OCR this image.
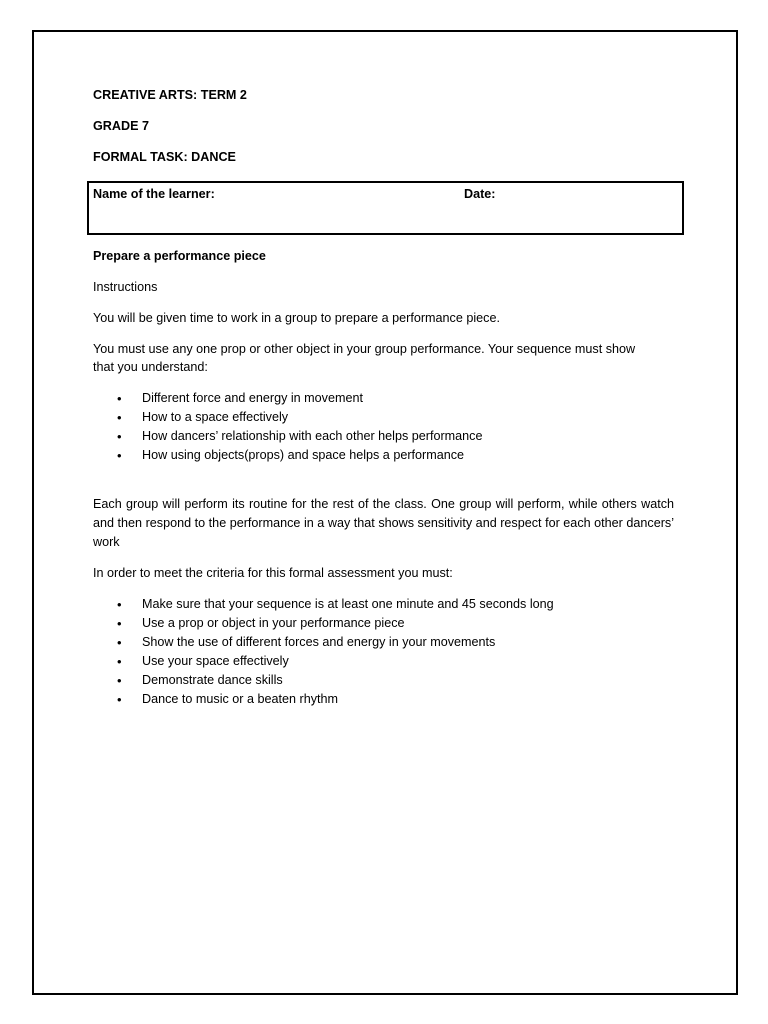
Name of the learner:	Date:
CREATIVE ARTS: TERM 2
GRADE 7
FORMAL TASK: DANCE
Prepare a performance piece
Instructions
You will be given time to work in a group to prepare a performance piece.
You must use any one prop or other object in your group performance. Your sequence must show
that you understand:
• Different force and energy in movement
• How to a space effectively
• How dancers’ relationship with each other helps performance
• How using objects(props) and space helps a performance
Each group will perform its routine for the rest of the class. One group will perform, while others watch and then respond to the performance in a way that shows sensitivity and respect for each other dancers’ work
In order to meet the criteria for this formal assessment you must:
• Make sure that your sequence is at least one minute and 45 seconds long
• Use a prop or object in your performance piece
• Show the use of different forces and energy in your movements
• Use your space effectively
• Demonstrate dance skills
• Dance to music or a beaten rhythm
